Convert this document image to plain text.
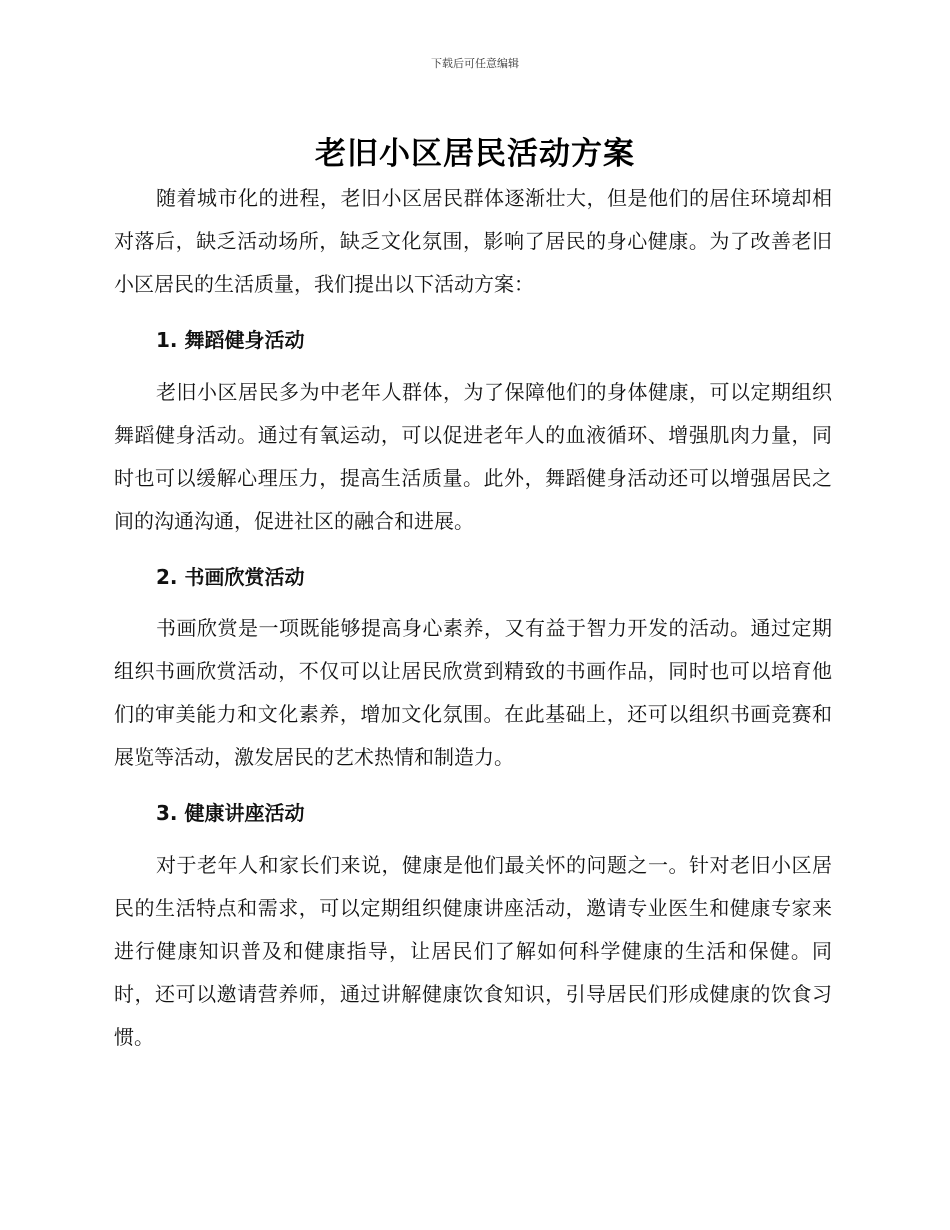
下载后可任意编辑
老旧小区居民活动方案

随着城市化的进程，老旧小区居民群体逐渐壮大，但是他们的居住环境却相对落后，缺乏活动场所，缺乏文化氛围，影响了居民的身心健康。为了改善老旧小区居民的生活质量，我们提出以下活动方案：

1. 舞蹈健身活动

老旧小区居民多为中老年人群体，为了保障他们的身体健康，可以定期组织舞蹈健身活动。通过有氧运动，可以促进老年人的血液循环、增强肌肉力量，同时也可以缓解心理压力，提高生活质量。此外，舞蹈健身活动还可以增强居民之间的沟通沟通，促进社区的融合和进展。

2. 书画欣赏活动

书画欣赏是一项既能够提高身心素养，又有益于智力开发的活动。通过定期组织书画欣赏活动，不仅可以让居民欣赏到精致的书画作品，同时也可以培育他们的审美能力和文化素养，增加文化氛围。在此基础上，还可以组织书画竞赛和展览等活动，激发居民的艺术热情和制造力。

3. 健康讲座活动

对于老年人和家长们来说，健康是他们最关怀的问题之一。针对老旧小区居民的生活特点和需求，可以定期组织健康讲座活动，邀请专业医生和健康专家来进行健康知识普及和健康指导，让居民们了解如何科学健康的生活和保健。同时，还可以邀请营养师，通过讲解健康饮食知识，引导居民们形成健康的饮食习惯。
